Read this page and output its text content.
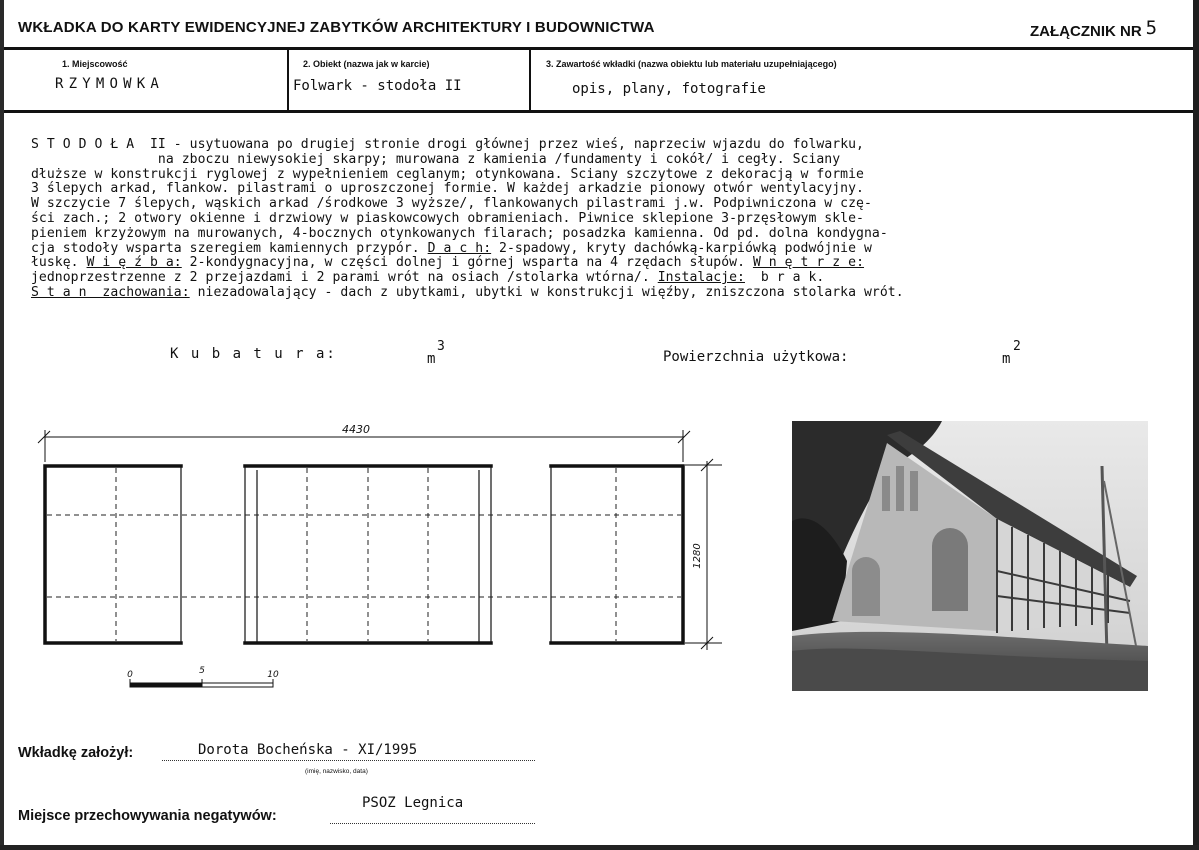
WKŁADKA DO KARTY EWIDENCYJNEJ ZABYTKÓW ARCHITEKTURY I BUDOWNICTWA	ZAŁĄCZNIK NR 5
1. Miejscowość
RZYMOWKA
2. Obiekt (nazwa jak w karcie)
Folwark - stodoła II
3. Zawartość wkładki (nazwa obiektu lub materiału uzupełniającego)
opis, plany, fotografie
S T O D O Ł A  II - usytuowana po drugiej stronie drogi głównej przez wieś, naprzeciw wjazdu do folwarku,
na zboczu niewysokiej skarpy; murowana z kamienia /fundamenty i cokół/ i cegły. Sciany
dłuższe w konstrukcji ryglowej z wypełnieniem ceglanym; otynkowana. Sciany szczytowe z dekoracją w formie
3 ślepych arkad, flankow. pilastrami o uproszczonej formie. W każdej arkadzie pionowy otwór wentylacyjny.
W szczycie 7 ślepych, wąskich arkad /środkowe 3 wyższe/, flankowanych pilastrami j.w. Podpiwniczona w czę-
ści zach.; 2 otwory okienne i drzwiowy w piaskowcowych obramieniach. Piwnice sklepione 3-przęsłowym skle-
pieniem krzyżowym na murowanych, 4-bocznych otynkowanych filarach; posadzka kamienna. Od pd. dolna kondygna-
cja stodoły wsparta szeregiem kamiennych przypór. D a c h: 2-spadowy, kryty dachówką-karpiówką podwójnie w
łuskę. W i ę ź b a: 2-kondygnacyjna, w części dolnej i górnej wsparta na 4 rzędach słupów. W n ę t r z e:
jednoprzestrzenne z 2 przejazdami i 2 parami wrót na osiach /stolarka wtórna/. Instalacje:  b r a k.
S t a n  zachowania: niezadowalający - dach z ubytkami, ubytki w konstrukcji więźby, zniszczona stolarka wrót.
K u b a t u r a:	m
3
Powierzchnia użytkowa:	m
2
4430
1280
0	5	10
Wkładkę założył:	Dorota Bocheńska - XI/1995
(imię, nazwisko, data)
Miejsce przechowywania negatywów:
PSOZ Legnica
